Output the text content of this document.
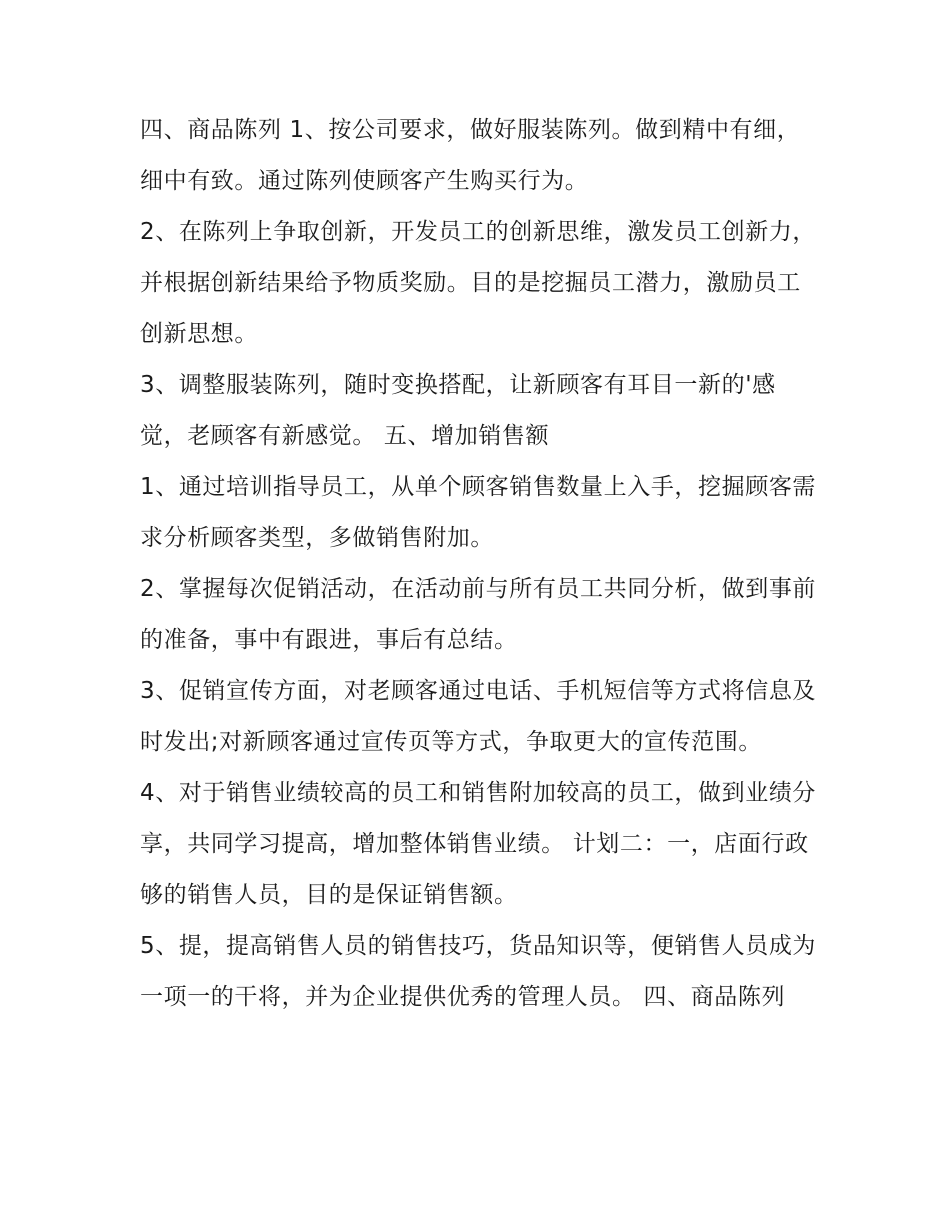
四、商品陈列 1、按公司要求，做好服装陈列。做到精中有细，细中有致。通过陈列使顾客产生购买行为。

2、在陈列上争取创新，开发员工的创新思维，激发员工创新力，并根据创新结果给予物质奖励。目的是挖掘员工潜力，激励员工创新思想。

3、调整服装陈列，随时变换搭配，让新顾客有耳目一新的'感觉，老顾客有新感觉。 五、增加销售额

1、通过培训指导员工，从单个顾客销售数量上入手，挖掘顾客需求分析顾客类型，多做销售附加。

2、掌握每次促销活动，在活动前与所有员工共同分析，做到事前的准备，事中有跟进，事后有总结。

3、促销宣传方面，对老顾客通过电话、手机短信等方式将信息及时发出;对新顾客通过宣传页等方式，争取更大的宣传范围。

4、对于销售业绩较高的员工和销售附加较高的员工，做到业绩分享，共同学习提高，增加整体销售业绩。 计划二：一，店面行政够的销售人员，目的是保证销售额。

5、提，提高销售人员的销售技巧，货品知识等，便销售人员成为一项一的干将，并为企业提供优秀的管理人员。 四、商品陈列
